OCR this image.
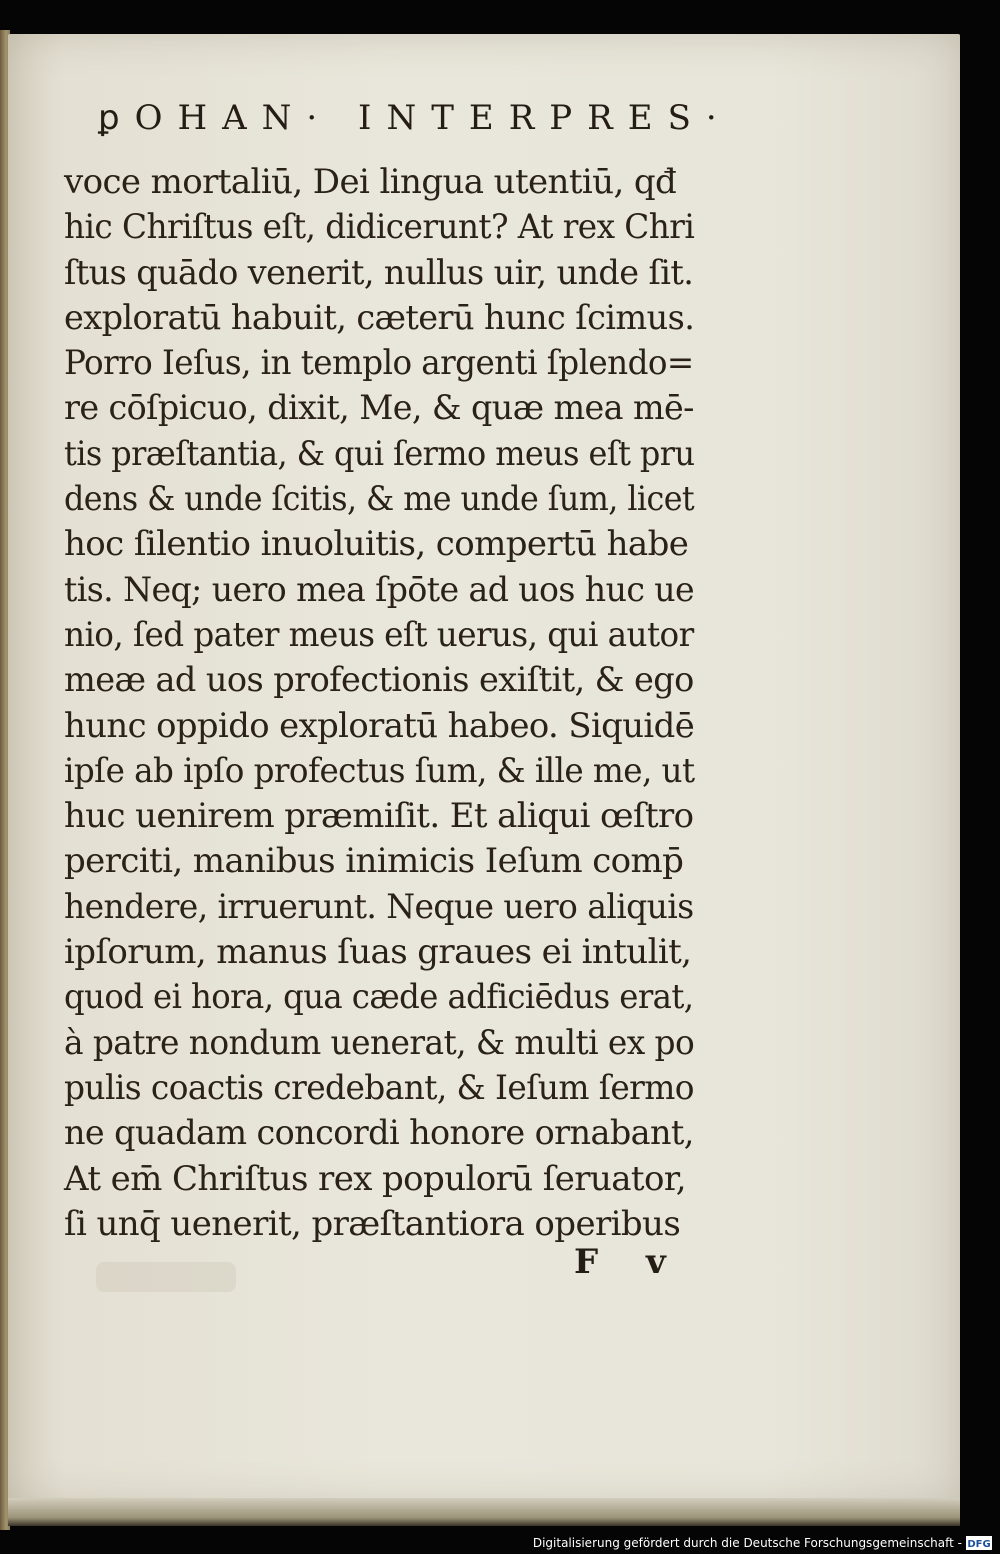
ꝑOHAN· INTERPRES·
voce mortaliū, Dei lingua utentiū, qđ
hic Chriſtus eſt, didicerunt? At rex Chri
ſtus quādo venerit, nullus uir, unde ſit.
exploratū habuit, cæterū hunc ſcimus.
Porro Ieſus, in templo argenti ſplendo=
re cōſpicuo, dixit, Me, & quæ mea mē-
tis præſtantia, & qui ſermo meus eſt pru
dens & unde ſcitis, & me unde ſum, licet
hoc ſilentio inuoluitis, compertū habe
tis. Neq; uero mea ſpōte ad uos huc ue
nio, ſed pater meus eſt uerus, qui autor
meæ ad uos profectionis exiſtit, & ego
hunc oppido exploratū habeo. Siquidē
ipſe ab ipſo profectus ſum, & ille me, ut
huc uenirem præmiſit. Et aliqui œſtro
perciti, manibus inimicis Ieſum comp̄
hendere, irruerunt. Neque uero aliquis
ipſorum, manus ſuas graues ei intulit,
quod ei hora, qua cæde adficiēdus erat,
à patre nondum uenerat, & multi ex po
pulis coactis credebant, & Ieſum ſermo
ne quadam concordi honore ornabant,
At em̄ Chriſtus rex populorū ſeruator,
ſi unq̄ uenerit, præſtantiora operibus
F v
Digitalisierung gefördert durch die Deutsche Forschungsgemeinschaft - DFG
